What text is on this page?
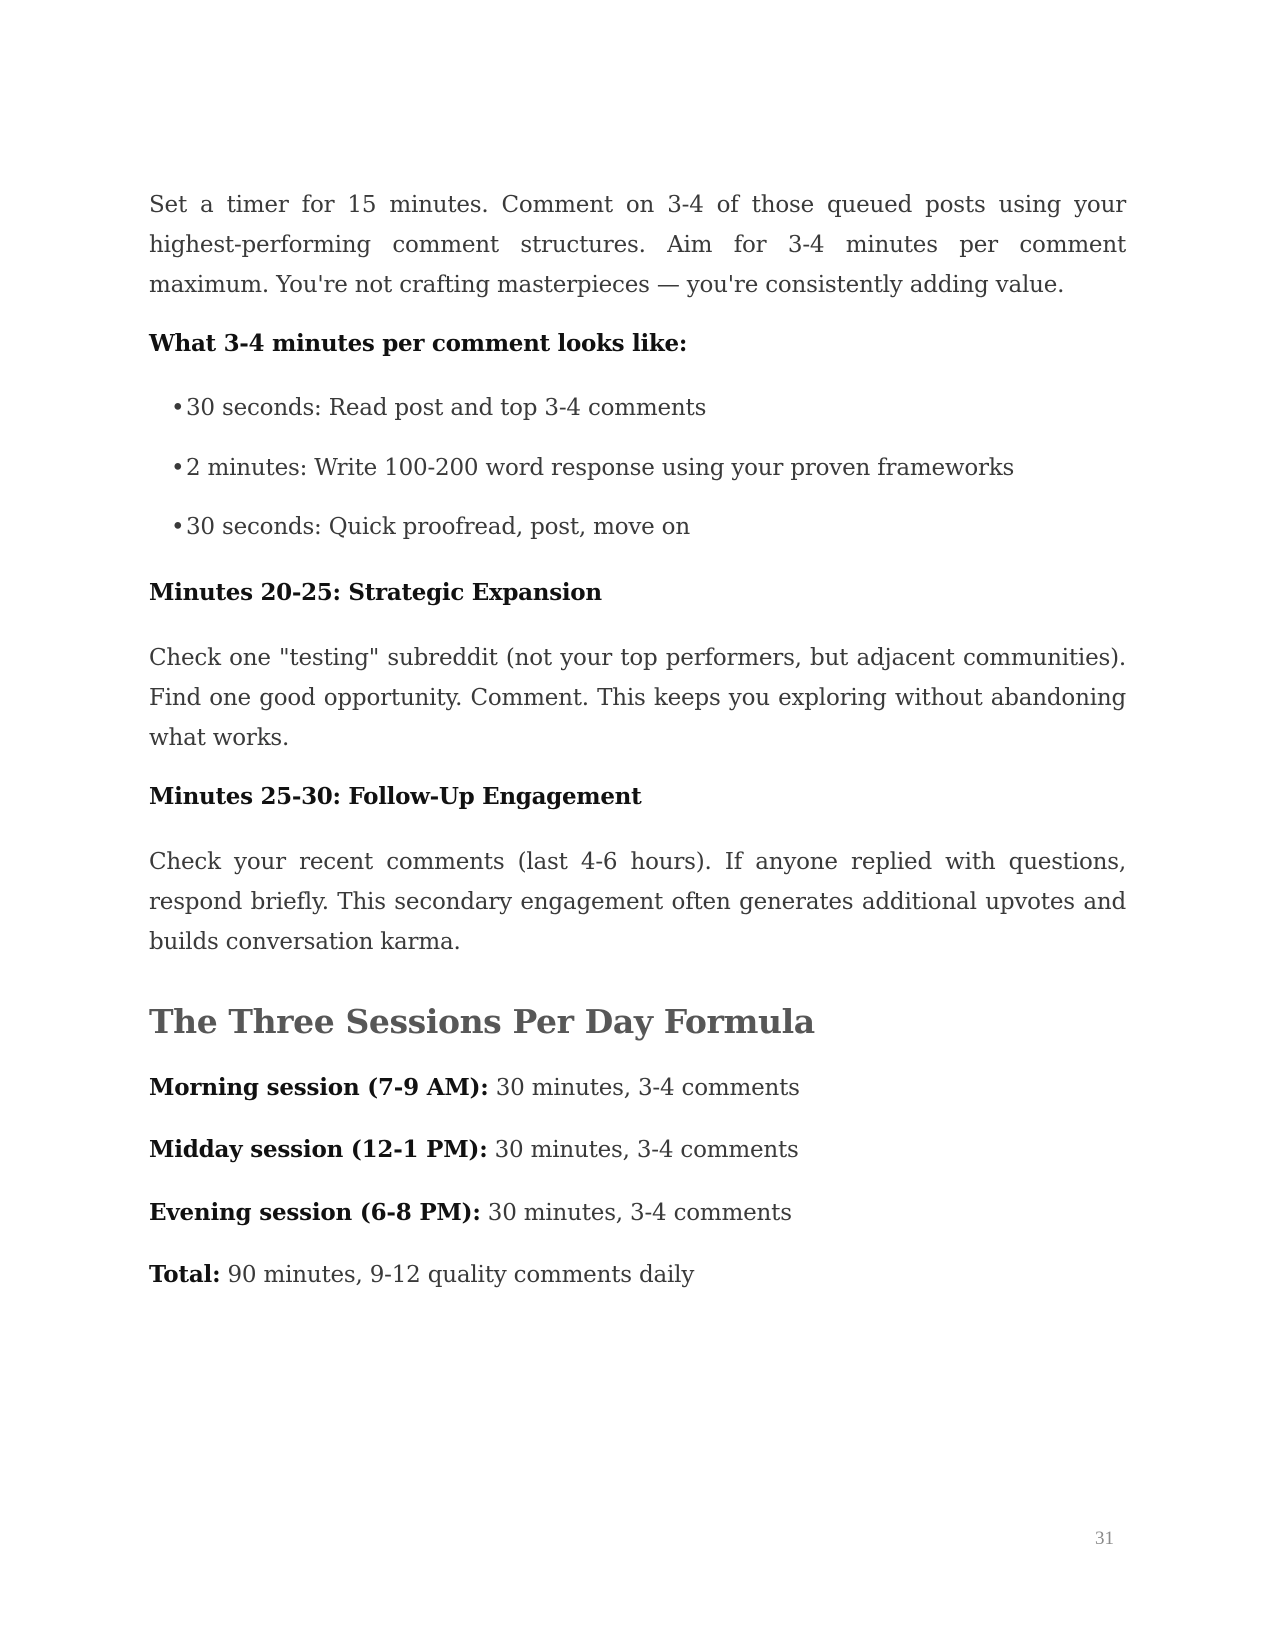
Set a timer for 15 minutes. Comment on 3-4 of those queued posts using your highest-performing comment structures. Aim for 3-4 minutes per comment maximum. You're not crafting masterpieces — you're consistently adding value.

What 3-4 minutes per comment looks like:

•30 seconds: Read post and top 3-4 comments

•2 minutes: Write 100-200 word response using your proven frameworks

•30 seconds: Quick proofread, post, move on

Minutes 20-25: Strategic Expansion

Check one "testing" subreddit (not your top performers, but adjacent communities). Find one good opportunity. Comment. This keeps you exploring without abandoning what works.

Minutes 25-30: Follow-Up Engagement

Check your recent comments (last 4-6 hours). If anyone replied with questions, respond briefly. This secondary engagement often generates additional upvotes and builds conversation karma.

The Three Sessions Per Day Formula

Morning session (7-9 AM): 30 minutes, 3-4 comments

Midday session (12-1 PM): 30 minutes, 3-4 comments

Evening session (6-8 PM): 30 minutes, 3-4 comments

Total: 90 minutes, 9-12 quality comments daily

31
